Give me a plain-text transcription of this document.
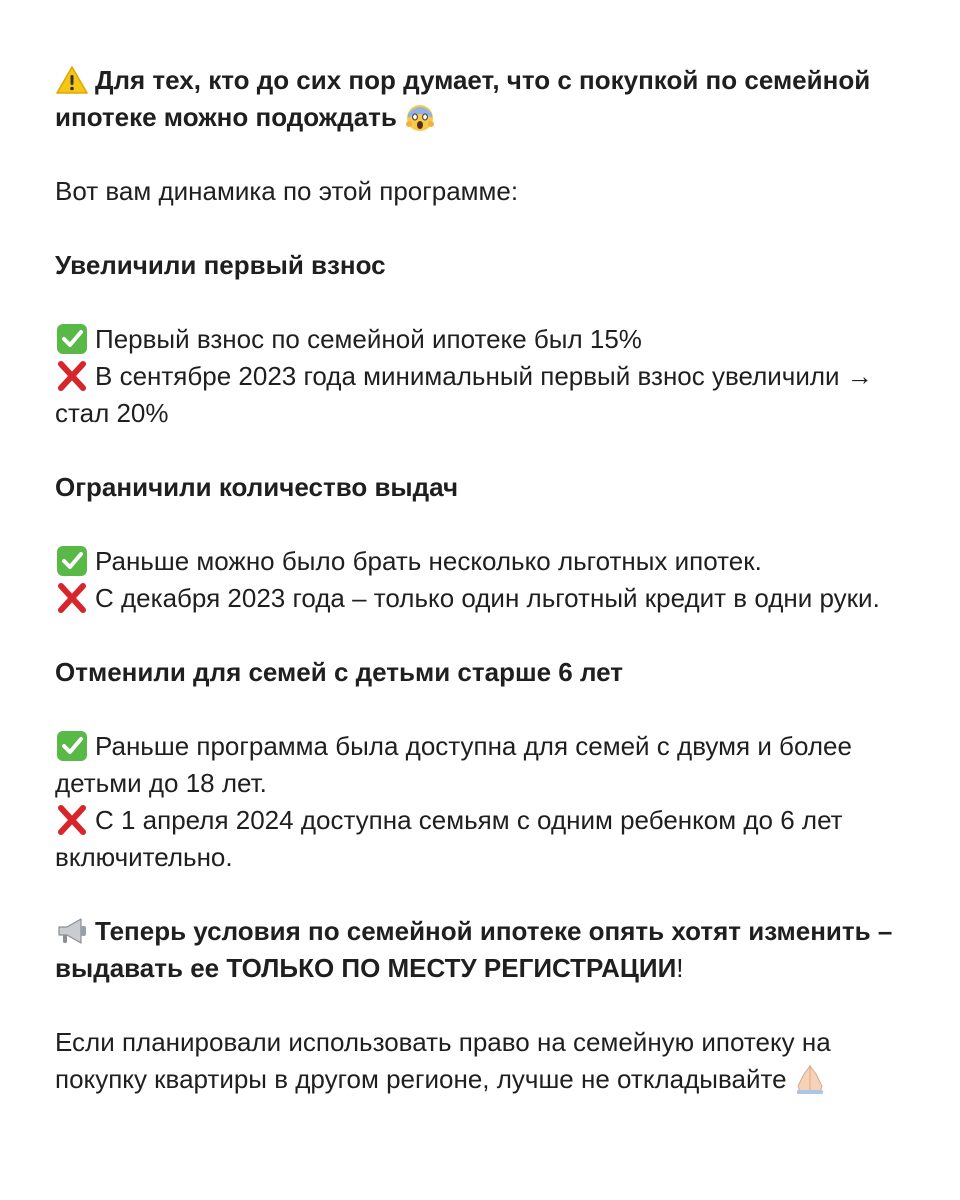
Для тех, кто до сих пор думает, что с покупкой по семейной ипотеке можно подождать

Вот вам динамика по этой программе:

Увеличили первый взнос

Первый взнос по семейной ипотеке был 15%

В сентябре 2023 года минимальный первый взнос увеличили → стал 20%

Ограничили количество выдач

Раньше можно было брать несколько льготных ипотек.

С декабря 2023 года – только один льготный кредит в одни руки.

Отменили для семей с детьми старше 6 лет

Раньше программа была доступна для семей с двумя и более детьми до 18 лет.

С 1 апреля 2024 доступна семьям с одним ребенком до 6 лет включительно.

Теперь условия по семейной ипотеке опять хотят изменить – выдавать ее ТОЛЬКО ПО МЕСТУ РЕГИСТРАЦИИ!

Если планировали использовать право на семейную ипотеку на покупку квартиры в другом регионе, лучше не откладывайте
